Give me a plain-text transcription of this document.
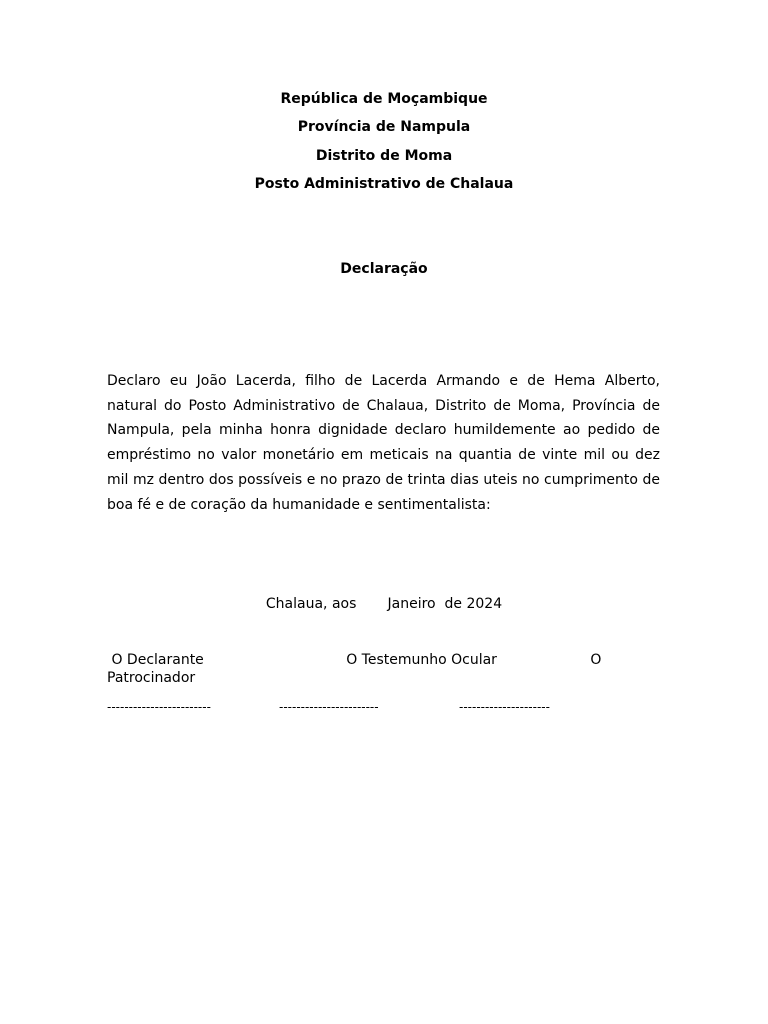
República de Moçambique
Província de Nampula
Distrito de Moma
Posto Administrativo de Chalaua
Declaração
Declaro eu João Lacerda, filho de Lacerda Armando e de Hema Alberto, natural do Posto Administrativo de Chalaua, Distrito de Moma, Província de Nampula, pela minha honra dignidade declaro humildemente ao pedido de empréstimo no valor monetário em meticais na quantia de vinte mil ou dez mil mz dentro dos possíveis e no prazo de trinta dias uteis no cumprimento de boa fé e de coração da humanidade e sentimentalista:
Chalaua, aos       Janeiro  de 2024
O Declarante                                O Testemunho Ocular                     O Patrocinador
------------------------	-----------------------	---------------------
